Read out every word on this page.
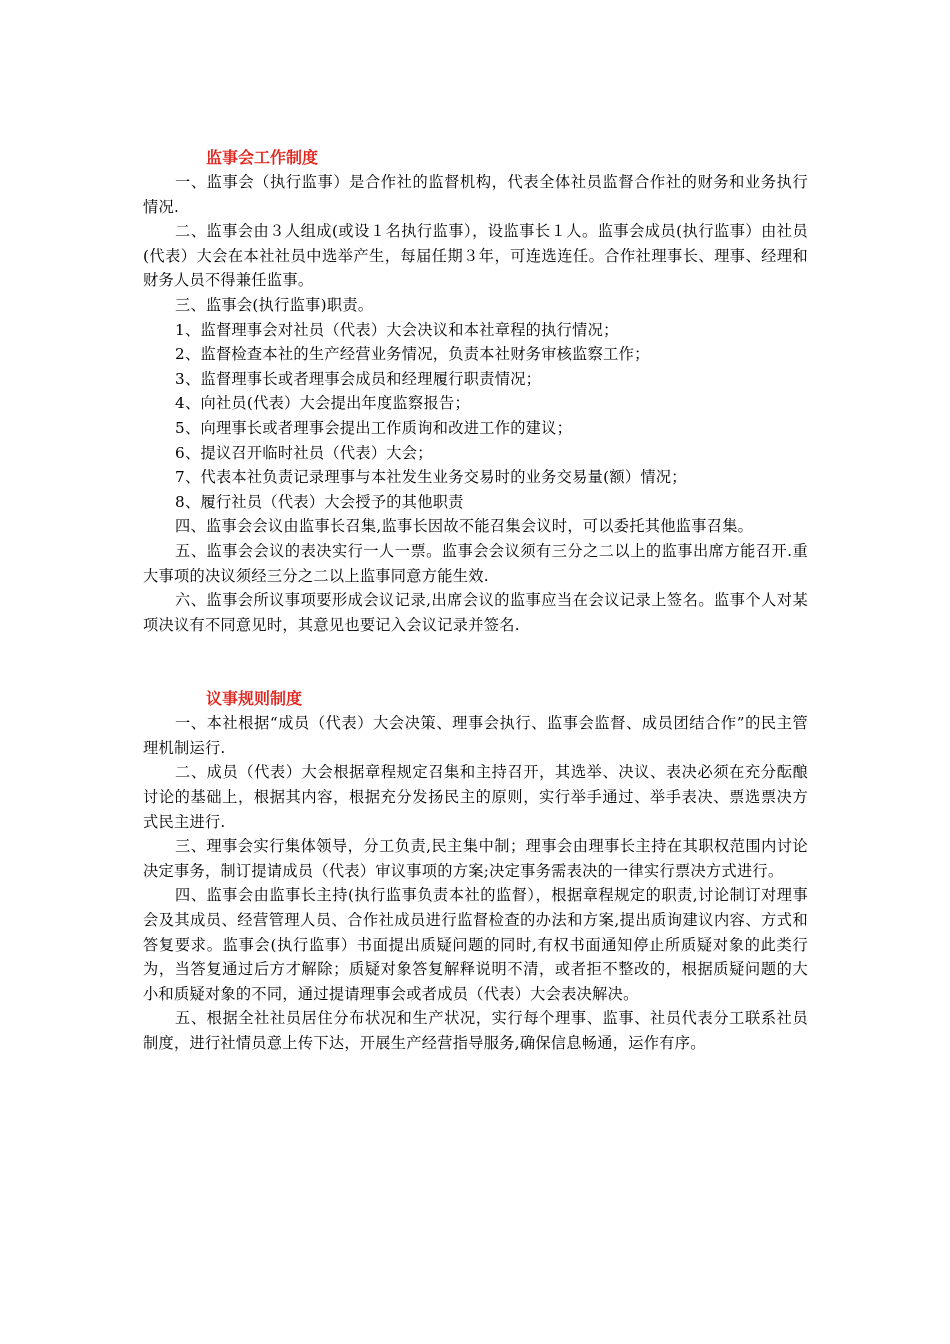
监事会工作制度

一、监事会（执行监事）是合作社的监督机构，代表全体社员监督合作社的财务和业务执行情况.

二、监事会由３人组成(或设１名执行监事），设监事长１人。监事会成员(执行监事）由社员(代表）大会在本社社员中选举产生，每届任期３年，可连选连任。合作社理事长、理事、经理和财务人员不得兼任监事。

三、监事会(执行监事)职责。

1、监督理事会对社员（代表）大会决议和本社章程的执行情况；

2、监督检查本社的生产经营业务情况，负责本社财务审核监察工作；

3、监督理事长或者理事会成员和经理履行职责情况；

4、向社员(代表）大会提出年度监察报告；

5、向理事长或者理事会提出工作质询和改进工作的建议；

6、提议召开临时社员（代表）大会；

7、代表本社负责记录理事与本社发生业务交易时的业务交易量(额）情况；

8、履行社员（代表）大会授予的其他职责

四、监事会会议由监事长召集,监事长因故不能召集会议时，可以委托其他监事召集。

五、监事会会议的表决实行一人一票。监事会会议须有三分之二以上的监事出席方能召开.重大事项的决议须经三分之二以上监事同意方能生效.

六、监事会所议事项要形成会议记录,出席会议的监事应当在会议记录上签名。监事个人对某项决议有不同意见时，其意见也要记入会议记录并签名.

议事规则制度

一、本社根据“成员（代表）大会决策、理事会执行、监事会监督、成员团结合作”的民主管理机制运行.

二、成员（代表）大会根据章程规定召集和主持召开，其选举、决议、表决必须在充分酝酿讨论的基础上，根据其内容，根据充分发扬民主的原则，实行举手通过、举手表决、票选票决方式民主进行.

三、理事会实行集体领导，分工负责,民主集中制；理事会由理事长主持在其职权范围内讨论决定事务，制订提请成员（代表）审议事项的方案;决定事务需表决的一律实行票决方式进行。

四、监事会由监事长主持(执行监事负责本社的监督），根据章程规定的职责,讨论制订对理事会及其成员、经营管理人员、合作社成员进行监督检查的办法和方案,提出质询建议内容、方式和答复要求。监事会(执行监事）书面提出质疑问题的同时,有权书面通知停止所质疑对象的此类行为，当答复通过后方才解除；质疑对象答复解释说明不清，或者拒不整改的，根据质疑问题的大小和质疑对象的不同，通过提请理事会或者成员（代表）大会表决解决。

五、根据全社社员居住分布状况和生产状况，实行每个理事、监事、社员代表分工联系社员制度，进行社情员意上传下达，开展生产经营指导服务,确保信息畅通，运作有序。
